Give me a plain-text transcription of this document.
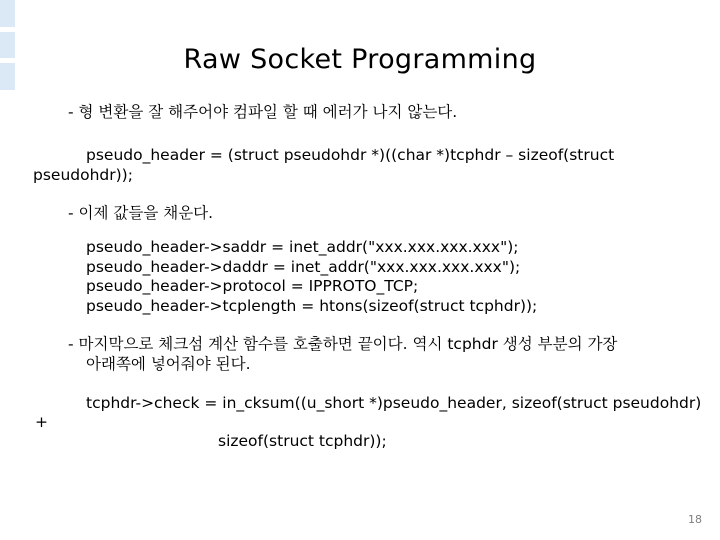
Raw Socket Programming
- 형 변환을 잘 해주어야 컴파일 할 때 에러가 나지 않는다.
pseudo_header = (struct pseudohdr *)((char *)tcphdr – sizeof(struct
pseudohdr));
- 이제 값들을 채운다.
pseudo_header->saddr = inet_addr("xxx.xxx.xxx.xxx");
pseudo_header->daddr = inet_addr("xxx.xxx.xxx.xxx");
pseudo_header->protocol = IPPROTO_TCP;
pseudo_header->tcplength = htons(sizeof(struct tcphdr));
- 마지막으로 체크섬 계산 함수를 호출하면 끝이다. 역시 tcphdr 생성 부분의 가장
아래쪽에 넣어줘야 된다.
tcphdr->check = in_cksum((u_short *)pseudo_header, sizeof(struct pseudohdr)
+
sizeof(struct tcphdr));
18
